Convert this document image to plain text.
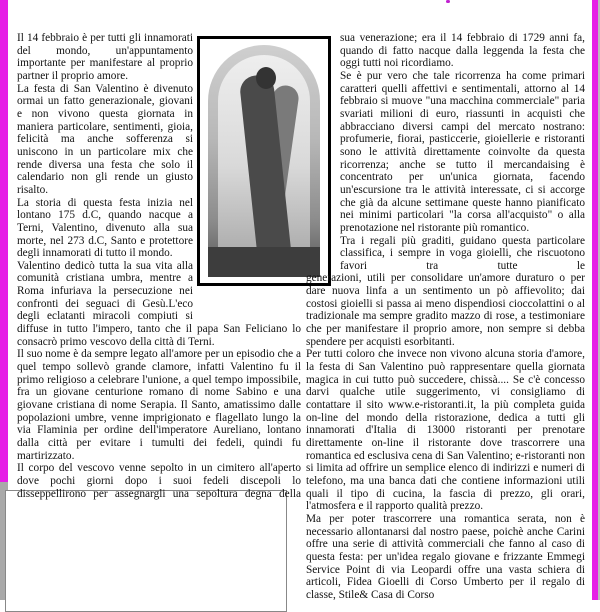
Il 14 febbraio è per tutti gli innamorati del mondo, un'appuntamento importante per manifestare al proprio partner il proprio amore.

La festa di San Valentino è divenuto ormai un fatto generazionale, giovani e non vivono questa giornata in maniera particolare, sentimenti, gioia, felicità ma anche sofferenza si uniscono in un particolare mix che rende diversa una festa che solo il calendario non gli rende un giusto risalto.

La storia di questa festa inizia nel lontano 175 d.C, quando nacque a Terni, Valentino, divenuto alla sua morte, nel 273 d.C, Santo e protettore degli innamorati di tutto il mondo.

Valentino dedicò tutta la sua vita alla comunità cristiana umbra, mentre a Roma infuriava la persecuzione nei confronti dei seguaci di Gesù.L'eco degli eclatanti miracoli compiuti si

diffuse in tutto l'impero, tanto che il papa San Feliciano lo consacrò primo vescovo della città di Terni.

Il suo nome è da sempre legato all'amore per un episodio che a quel tempo sollevò grande clamore, infatti Valentino fu il primo religioso a celebrare l'unione, a quel tempo impossibile, fra un giovane centurione romano di nome Sabino e una giovane cristiana di nome Serapia. Il Santo, amatissimo dalle popolazioni umbre, venne imprigionato e flagellato lungo la via Flaminia per ordine dell'imperatore Aureliano, lontano dalla città per evitare i tumulti dei fedeli, quindi fu martirizzato.

Il corpo del vescovo venne sepolto in un cimitero all'aperto dove pochi giorni dopo i suoi fedeli discepoli lo disseppellirono per assegnargli una sepoltura degna della

sua venerazione; era il 14 febbraio di 1729 anni fa, quando di fatto nacque dalla leggenda la festa che oggi tutti noi ricordiamo.

Se è pur vero che tale ricorrenza ha come primari caratteri quelli affettivi e sentimentali, attorno al 14 febbraio si muove "una macchina commerciale" paria svariati milioni di euro, riassunti in acquisti che abbracciano diversi campi del mercato nostrano: profumerie, fiorai, pasticcerie, gioiellerie e ristoranti sono le attività direttamente coinvolte da questa ricorrenza; anche se tutto il mercandaising è concentrato per un'unica giornata, facendo un'escursione tra le attività interessate, ci si accorge che già da alcune settimane queste hanno pianificato nei minimi particolari "la corsa all'acquisto" o alla prenotazione nel ristorante più romantico.

Tra i regali più graditi, guidano questa particolare classifica, i sempre in voga gioielli, che riscuotono favori tra tutte le

generazioni, utili per consolidare un'amore duraturo o per dare nuova linfa a un sentimento un pò affievolito; dai costosi gioielli si passa ai meno dispendiosi cioccolattini o al tradizionale ma sempre gradito mazzo di rose, a testimoniare che per manifestare il proprio amore, non sempre si debba spendere per acquisti esorbitanti.

Per tutti coloro che invece non vivono alcuna storia d'amore, la festa di San Valentino può rappresentare quella giornata magica in cui tutto può succedere, chissà.... Se c'è concesso darvi qualche utile suggerimento, vi consigliamo di contattare il sito www.e-ristoranti.it, la più completa guida on-line del mondo della ristorazione, dedica a tutti gli innamorati d'Italia di 13000 ristoranti per prenotare direttamente on-line il ristorante dove trascorrere una romantica ed esclusiva cena di San Valentino; e-ristoranti non si limita ad offrire un semplice elenco di indirizzi e numeri di telefono, ma una banca dati che contiene informazioni utili quali il tipo di cucina, la fascia di prezzo, gli orari, l'atmosfera e il rapporto qualità prezzo.

Ma per poter trascorrere una romantica serata, non è necessario allontanarsi dal nostro paese, poichè anche Carini offre una serie di attività commerciali che fanno al caso di questa festa: per un'idea regalo giovane e frizzante Emmegi Service Point di via Leopardi offre una vasta schiera di articoli, Fidea Gioelli di Corso Umberto per il regalo di classe, Stile& Casa di Corso
